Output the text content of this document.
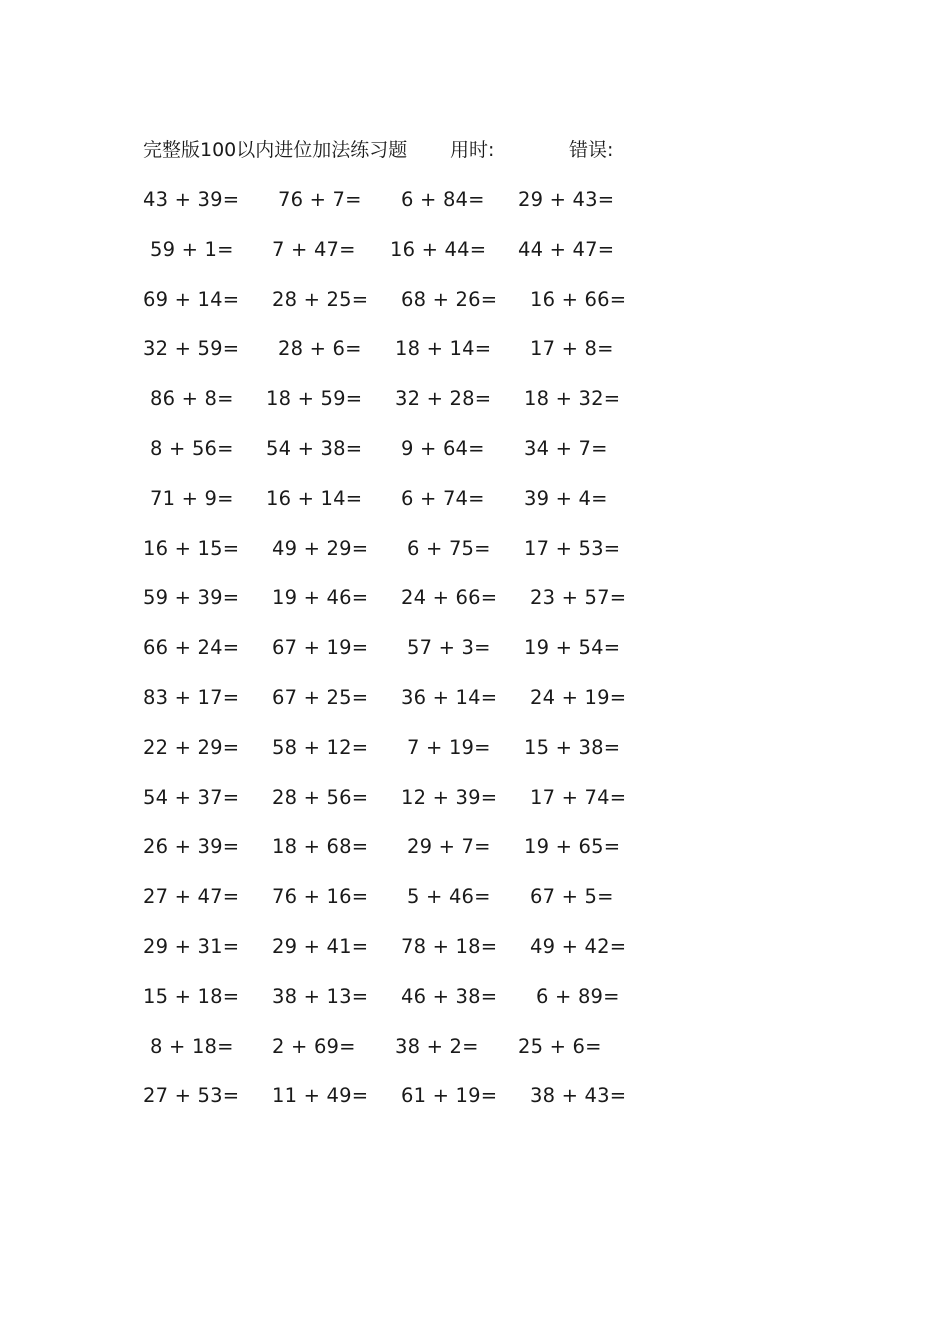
完整版100以内进位加法练习题 用时:	错误:
43 + 39= 76 + 7= 6 + 84= 29 + 43=
59 + 1= 7 + 47= 16 + 44= 44 + 47=
69 + 14= 28 + 25= 68 + 26= 16 + 66=
32 + 59= 28 + 6= 18 + 14= 17 + 8=
86 + 8= 18 + 59= 32 + 28= 18 + 32=
8 + 56= 54 + 38= 9 + 64= 34 + 7=
71 + 9= 16 + 14= 6 + 74= 39 + 4=
16 + 15= 49 + 29= 6 + 75= 17 + 53=
59 + 39= 19 + 46= 24 + 66= 23 + 57=
66 + 24= 67 + 19= 57 + 3= 19 + 54=
83 + 17= 67 + 25= 36 + 14= 24 + 19=
22 + 29= 58 + 12= 7 + 19= 15 + 38=
54 + 37= 28 + 56= 12 + 39= 17 + 74=
26 + 39= 18 + 68= 29 + 7= 19 + 65=
27 + 47= 76 + 16= 5 + 46= 67 + 5=
29 + 31= 29 + 41= 78 + 18= 49 + 42=
15 + 18= 38 + 13= 46 + 38= 6 + 89=
8 + 18= 2 + 69= 38 + 2= 25 + 6=
27 + 53= 11 + 49= 61 + 19= 38 + 43=
